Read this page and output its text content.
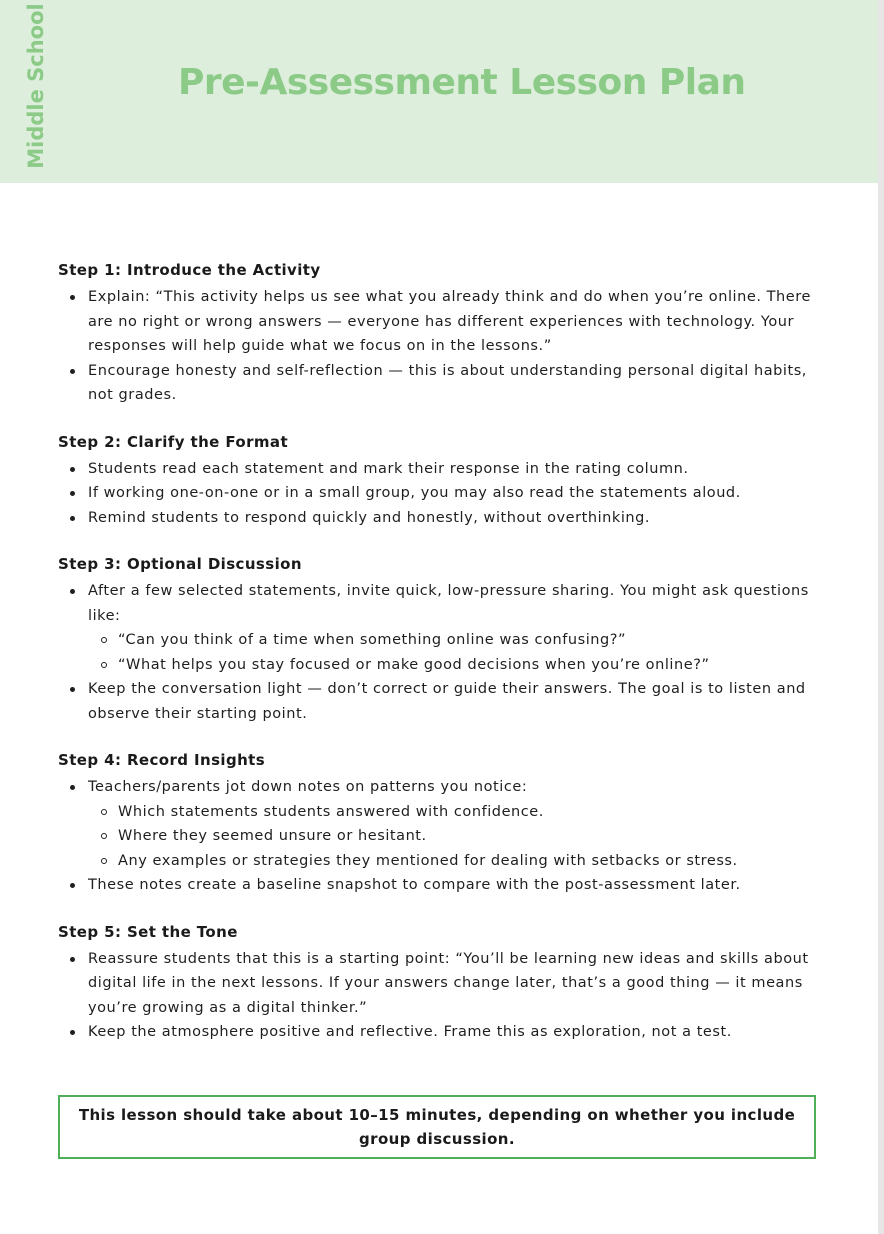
Middle School	Pre-Assessment Lesson Plan
Step 1: Introduce the Activity
Explain: “This activity helps us see what you already think and do when you’re online. There are no right or wrong answers — everyone has different experiences with technology. Your responses will help guide what we focus on in the lessons.”
Encourage honesty and self-reflection — this is about understanding personal digital habits, not grades.
Step 2: Clarify the Format
Students read each statement and mark their response in the rating column.
If working one-on-one or in a small group, you may also read the statements aloud.
Remind students to respond quickly and honestly, without overthinking.
Step 3: Optional Discussion
After a few selected statements, invite quick, low-pressure sharing. You might ask questions like:
“Can you think of a time when something online was confusing?”
“What helps you stay focused or make good decisions when you’re online?”
Keep the conversation light — don’t correct or guide their answers. The goal is to listen and observe their starting point.
Step 4: Record Insights
Teachers/parents jot down notes on patterns you notice:
Which statements students answered with confidence.
Where they seemed unsure or hesitant.
Any examples or strategies they mentioned for dealing with setbacks or stress.
These notes create a baseline snapshot to compare with the post-assessment later.
Step 5: Set the Tone
Reassure students that this is a starting point: “You’ll be learning new ideas and skills about digital life in the next lessons. If your answers change later, that’s a good thing — it means you’re growing as a digital thinker.”
Keep the atmosphere positive and reflective. Frame this as exploration, not a test.
This lesson should take about 10–15 minutes, depending on whether you include group discussion.
